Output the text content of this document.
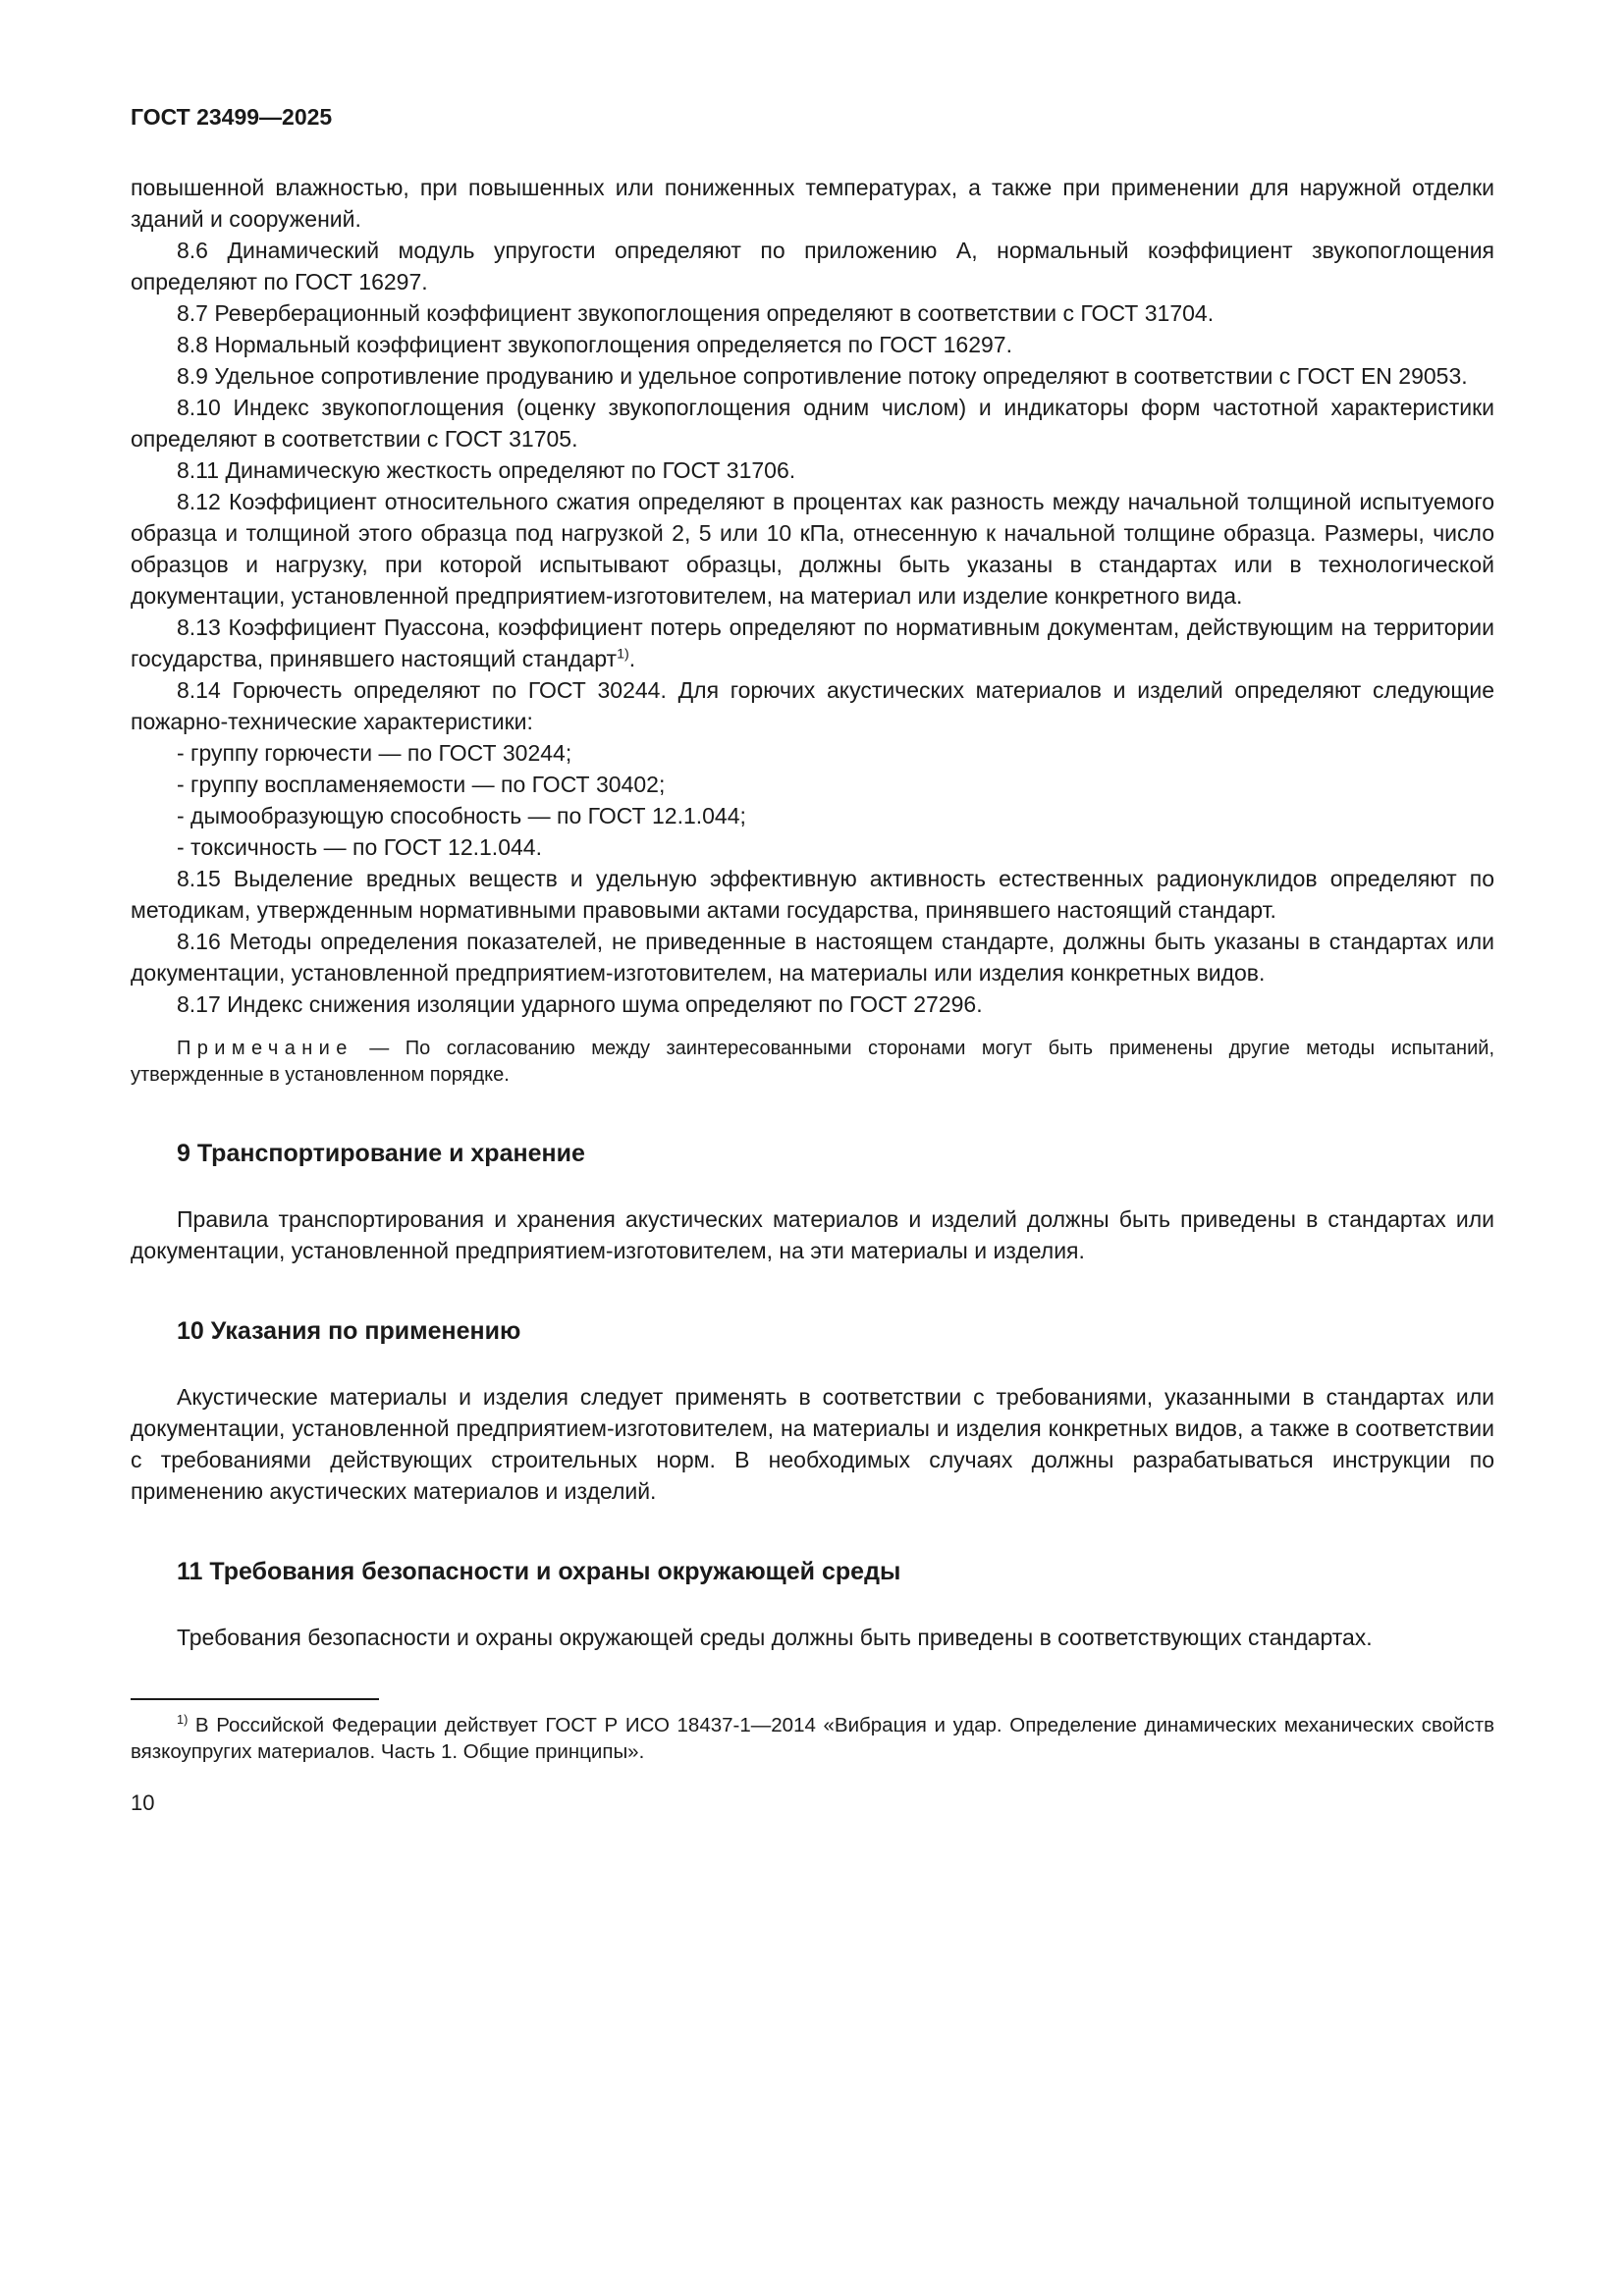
ГОСТ 23499—2025

повышенной влажностью, при повышенных или пониженных температурах, а также при применении для наружной отделки зданий и сооружений.

8.6 Динамический модуль упругости определяют по приложению А, нормальный коэффициент звукопоглощения определяют по ГОСТ 16297.

8.7 Реверберационный коэффициент звукопоглощения определяют в соответствии с ГОСТ 31704.

8.8 Нормальный коэффициент звукопоглощения определяется по ГОСТ 16297.

8.9 Удельное сопротивление продуванию и удельное сопротивление потоку определяют в соответствии с ГОСТ EN 29053.

8.10 Индекс звукопоглощения (оценку звукопоглощения одним числом) и индикаторы форм частотной характеристики определяют в соответствии с ГОСТ 31705.

8.11 Динамическую жесткость определяют по ГОСТ 31706.

8.12 Коэффициент относительного сжатия определяют в процентах как разность между начальной толщиной испытуемого образца и толщиной этого образца под нагрузкой 2, 5 или 10 кПа, отнесенную к начальной толщине образца. Размеры, число образцов и нагрузку, при которой испытывают образцы, должны быть указаны в стандартах или в технологической документации, установленной предприятием-изготовителем, на материал или изделие конкретного вида.

8.13 Коэффициент Пуассона, коэффициент потерь определяют по нормативным документам, действующим на территории государства, принявшего настоящий стандарт$^{1)}$.

8.14 Горючесть определяют по ГОСТ 30244. Для горючих акустических материалов и изделий определяют следующие пожарно-технические характеристики:

- группу горючести — по ГОСТ 30244;

- группу воспламеняемости — по ГОСТ 30402;

- дымообразующую способность — по ГОСТ 12.1.044;

- токсичность — по ГОСТ 12.1.044.

8.15 Выделение вредных веществ и удельную эффективную активность естественных радионуклидов определяют по методикам, утвержденным нормативными правовыми актами государства, принявшего настоящий стандарт.

8.16 Методы определения показателей, не приведенные в настоящем стандарте, должны быть указаны в стандартах или документации, установленной предприятием-изготовителем, на материалы или изделия конкретных видов.

8.17 Индекс снижения изоляции ударного шума определяют по ГОСТ 27296.

Примечание — По согласованию между заинтересованными сторонами могут быть применены другие методы испытаний, утвержденные в установленном порядке.

9 Транспортирование и хранение

Правила транспортирования и хранения акустических материалов и изделий должны быть приведены в стандартах или документации, установленной предприятием-изготовителем, на эти материалы и изделия.

10 Указания по применению

Акустические материалы и изделия следует применять в соответствии с требованиями, указанными в стандартах или документации, установленной предприятием-изготовителем, на материалы и изделия конкретных видов, а также в соответствии с требованиями действующих строительных норм. В необходимых случаях должны разрабатываться инструкции по применению акустических материалов и изделий.

11 Требования безопасности и охраны окружающей среды

Требования безопасности и охраны окружающей среды должны быть приведены в соответствующих стандартах.

$^{1)}$ В Российской Федерации действует ГОСТ Р ИСО 18437-1—2014 «Вибрация и удар. Определение динамических механических свойств вязкоупругих материалов. Часть 1. Общие принципы».

10
